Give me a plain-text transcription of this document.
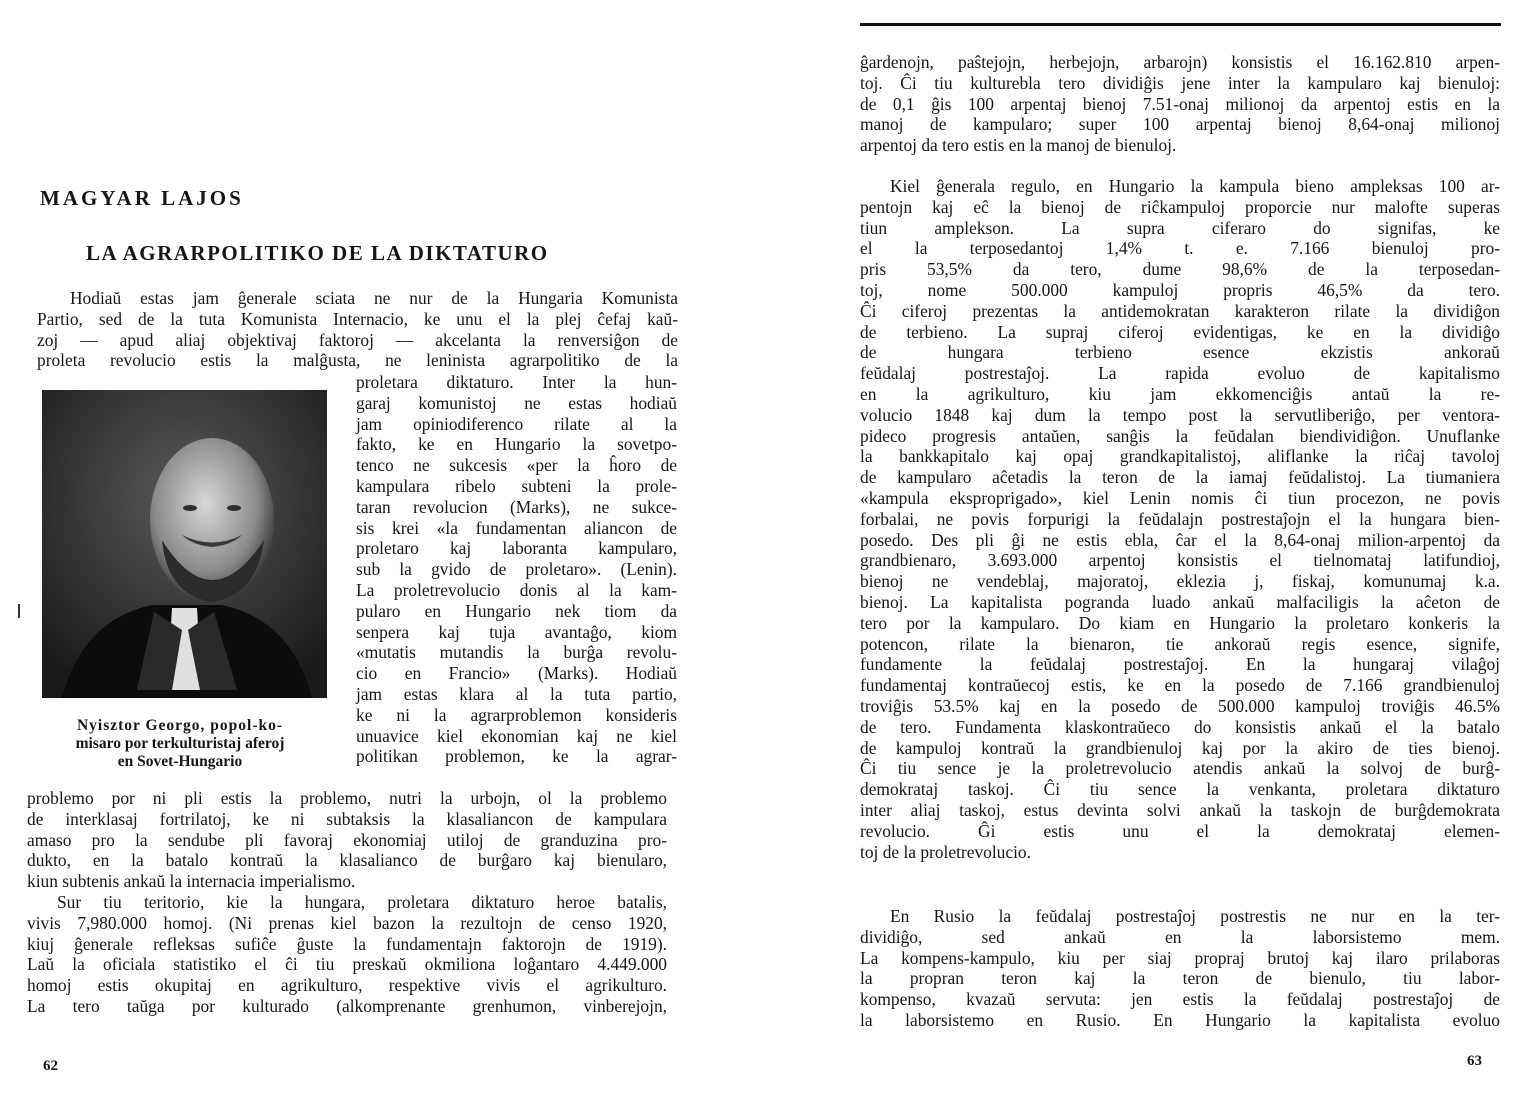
MAGYAR LAJOS
LA AGRARPOLITIKO DE LA DIKTATURO

Hodiaŭ estas jam ĝenerale sciata ne nur de la Hungaria Komunista

Partio, sed de la tuta Komunista Internacio, ke unu el la plej ĉefaj kaŭ-

zoj — apud aliaj objektivaj faktoroj — akcelanta la renversiĝon de

proleta revolucio estis la malĝusta, ne leninista agrarpolitiko de la

Nyisztor Georgo, popol-ko-
misaro por terkulturistaj aferoj
en Sovet-Hungario

proletara diktaturo. Inter la hun-

garaj komunistoj ne estas hodiaŭ

jam opiniodiferenco rilate al la

fakto, ke en Hungario la sovetpo-

tenco ne sukcesis «per la ĥoro de

kampulara ribelo subteni la prole-

taran revolucion (Marks), ne sukce-

sis krei «la fundamentan aliancon de

proletaro kaj laboranta kampularo,

sub la gvido de proletaro». (Lenin).

La proletrevolucio donis al la kam-

pularo en Hungario nek tiom da

senpera kaj tuja avantaĝo, kiom

«mutatis mutandis la burĝa revolu-

cio en Francio» (Marks). Hodiaŭ

jam estas klara al la tuta partio,

ke ni la agrarproblemon konsideris

unuavice kiel ekonomian kaj ne kiel

politikan problemon, ke la agrar-

problemo por ni pli estis la problemo, nutri la urbojn, ol la problemo

de interklasaj fortrilatoj, ke ni subtaksis la klasaliancon de kampulara

amaso pro la sendube pli favoraj ekonomiaj utiloj de granduzina pro-

dukto, en la batalo kontraŭ la klasalianco de burĝaro kaj bienularo,

kiun subtenis ankaŭ la internacia imperialismo.

Sur tiu teritorio, kie la hungara, proletara diktaturo heroe batalis,

vivis 7,980.000 homoj. (Ni prenas kiel bazon la rezultojn de censo 1920,

kiuj ĝenerale refleksas sufiĉe ĝuste la fundamentajn faktorojn de 1919).

Laŭ la oficiala statistiko el ĉi tiu preskaŭ okmiliona loĝantaro 4.449.000

homoj estis okupitaj en agrikulturo, respektive vivis el agrikulturo.

La tero taŭga por kulturado (alkomprenante grenhumon, vinberejojn,

62

ĝardenojn, paŝtejojn, herbejojn, arbarojn) konsistis el 16.162.810 arpen-

toj. Ĉi tiu kulturebla tero dividiĝis jene inter la kampularo kaj bienuloj:

de 0,1 ĝis 100 arpentaj bienoj 7.51-onaj milionoj da arpentoj estis en la

manoj de kampularo; super 100 arpentaj bienoj 8,64-onaj milionoj

arpentoj da tero estis en la manoj de bienuloj.

Kiel ĝenerala regulo, en Hungario la kampula bieno ampleksas 100 ar-

pentojn kaj eĉ la bienoj de riĉkampuloj proporcie nur malofte superas

tiun amplekson. La supra ciferaro do signifas, ke

el la terposedantoj 1,4% t. e. 7.166 bienuloj pro-

pris 53,5% da tero, dume 98,6% de la terposedan-

toj, nome 500.000 kampuloj propris 46,5% da tero.

Ĉi ciferoj prezentas la antidemokratan karakteron rilate la dividiĝon

de terbieno. La supraj ciferoj evidentigas, ke en la dividiĝo

de hungara terbieno esence ekzistis ankoraŭ

feŭdalaj postrestaĵoj. La rapida evoluo de kapitalismo

en la agrikulturo, kiu jam ekkomenciĝis antaŭ la re-

volucio 1848 kaj dum la tempo post la servutliberiĝo, per ventora-

pideco progresis antaŭen, sanĝis la feŭdalan biendividiĝon. Unuflanke

la bankkapitalo kaj opaj grandkapitalistoj, aliflanke la riĉaj tavoloj

de kampularo aĉetadis la teron de la iamaj feŭdalistoj. La tiumaniera

«kampula eksproprigado», kiel Lenin nomis ĉi tiun procezon, ne povis

forbalai, ne povis forpurigi la feŭdalajn postrestaĵojn el la hungara bien-

posedo. Des pli ĝi ne estis ebla, ĉar el la 8,64-onaj milion-arpentoj da

grandbienaro, 3.693.000 arpentoj konsistis el tielnomataj latifundioj,

bienoj ne vendeblaj, majoratoj, eklezia j, fiskaj, komunumaj k.a.

bienoj. La kapitalista pogranda luado ankaŭ malfaciligis la aĉeton de

tero por la kampularo. Do kiam en Hungario la proletaro konkeris la

potencon, rilate la bienaron, tie ankoraŭ regis esence, signife,

fundamente la feŭdalaj postrestaĵoj. En la hungaraj vilaĝoj

fundamentaj kontraŭecoj estis, ke en la posedo de 7.166 grandbienuloj

troviĝis 53.5% kaj en la posedo de 500.000 kampuloj troviĝis 46.5%

de tero. Fundamenta klaskontraŭeco do konsistis ankaŭ el la batalo

de kampuloj kontraŭ la grandbienuloj kaj por la akiro de ties bienoj.

Ĉi tiu sence je la proletrevolucio atendis ankaŭ la solvoj de burĝ-

demokrataj taskoj. Ĉi tiu sence la venkanta, proletara diktaturo

inter aliaj taskoj, estus devinta solvi ankaŭ la taskojn de burĝdemokrata

revolucio. Ĝi estis unu el la demokrataj elemen-

toj de la proletrevolucio.

En Rusio la feŭdalaj postrestaĵoj postrestis ne nur en la ter-

dividiĝo, sed ankaŭ en la laborsistemo mem.

La kompens-kampulo, kiu per siaj propraj brutoj kaj ilaro prilaboras

la propran teron kaj la teron de bienulo, tiu labor-

kompenso, kvazaŭ servuta: jen estis la feŭdalaj postrestaĵoj de

la laborsistemo en Rusio. En Hungario la kapitalista evoluo

63
